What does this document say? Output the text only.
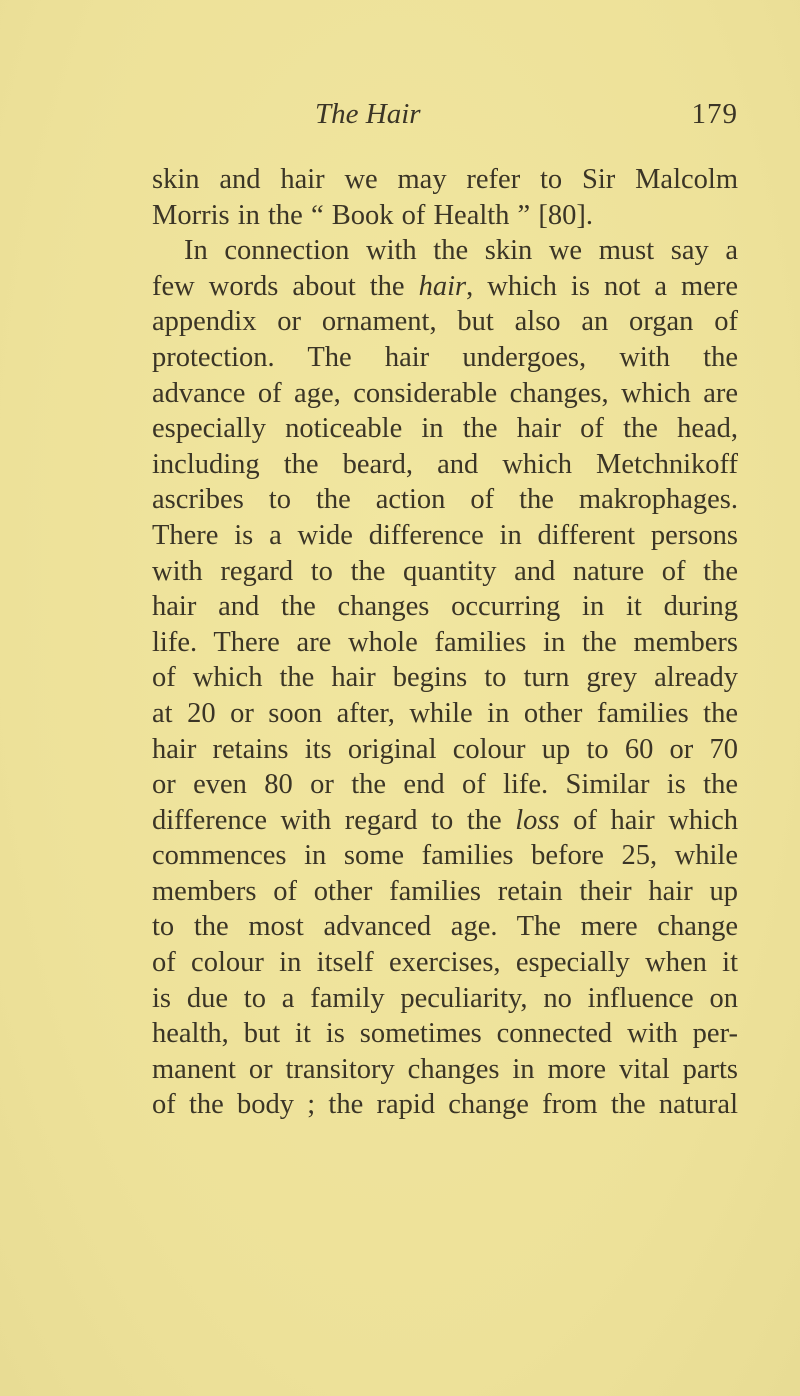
The Hair	179
skin and hair we may refer to Sir Malcolm
Morris in the “ Book of Health ” [80].
In connection with the skin we must say a
few words about the hair, which is not a mere
appendix or ornament, but also an organ of
protection. The hair undergoes, with the
advance of age, considerable changes, which are
especially noticeable in the hair of the head,
including the beard, and which Metchnikoff
ascribes to the action of the makrophages.
There is a wide difference in different persons
with regard to the quantity and nature of the
hair and the changes occurring in it during
life. There are whole families in the members
of which the hair begins to turn grey already
at 20 or soon after, while in other families the
hair retains its original colour up to 60 or 70
or even 80 or the end of life. Similar is the
difference with regard to the loss of hair which
commences in some families before 25, while
members of other families retain their hair up
to the most advanced age. The mere change
of colour in itself exercises, especially when it
is due to a family peculiarity, no influence on
health, but it is sometimes connected with per-
manent or transitory changes in more vital parts
of the body ; the rapid change from the natural
